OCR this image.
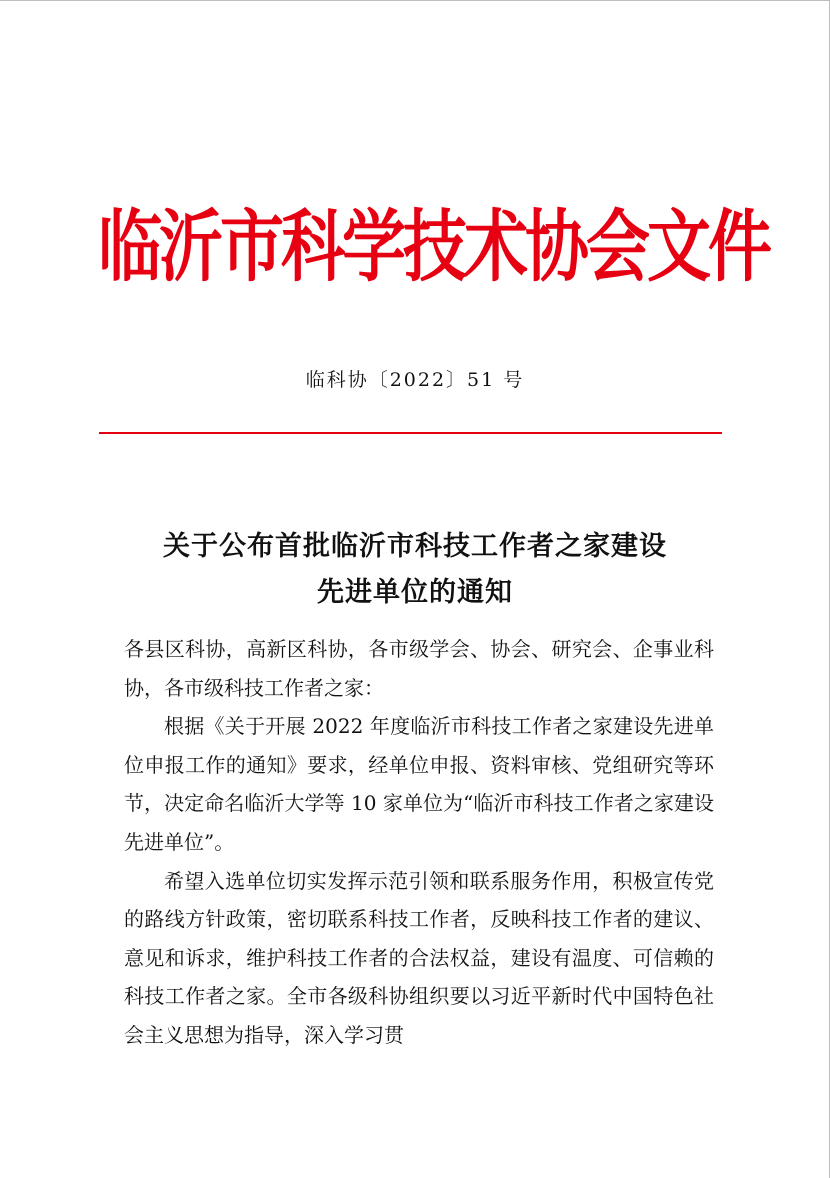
临沂市科学技术协会文件
临科协〔2022〕51 号
关于公布首批临沂市科技工作者之家建设
先进单位的通知

各县区科协，高新区科协，各市级学会、协会、研究会、企事业科协，各市级科技工作者之家：

根据《关于开展 2022 年度临沂市科技工作者之家建设先进单位申报工作的通知》要求，经单位申报、资料审核、党组研究等环节，决定命名临沂大学等 10 家单位为“临沂市科技工作者之家建设先进单位”。

希望入选单位切实发挥示范引领和联系服务作用，积极宣传党的路线方针政策，密切联系科技工作者，反映科技工作者的建议、意见和诉求，维护科技工作者的合法权益，建设有温度、可信赖的科技工作者之家。全市各级科协组织要以习近平新时代中国特色社会主义思想为指导，深入学习贯
